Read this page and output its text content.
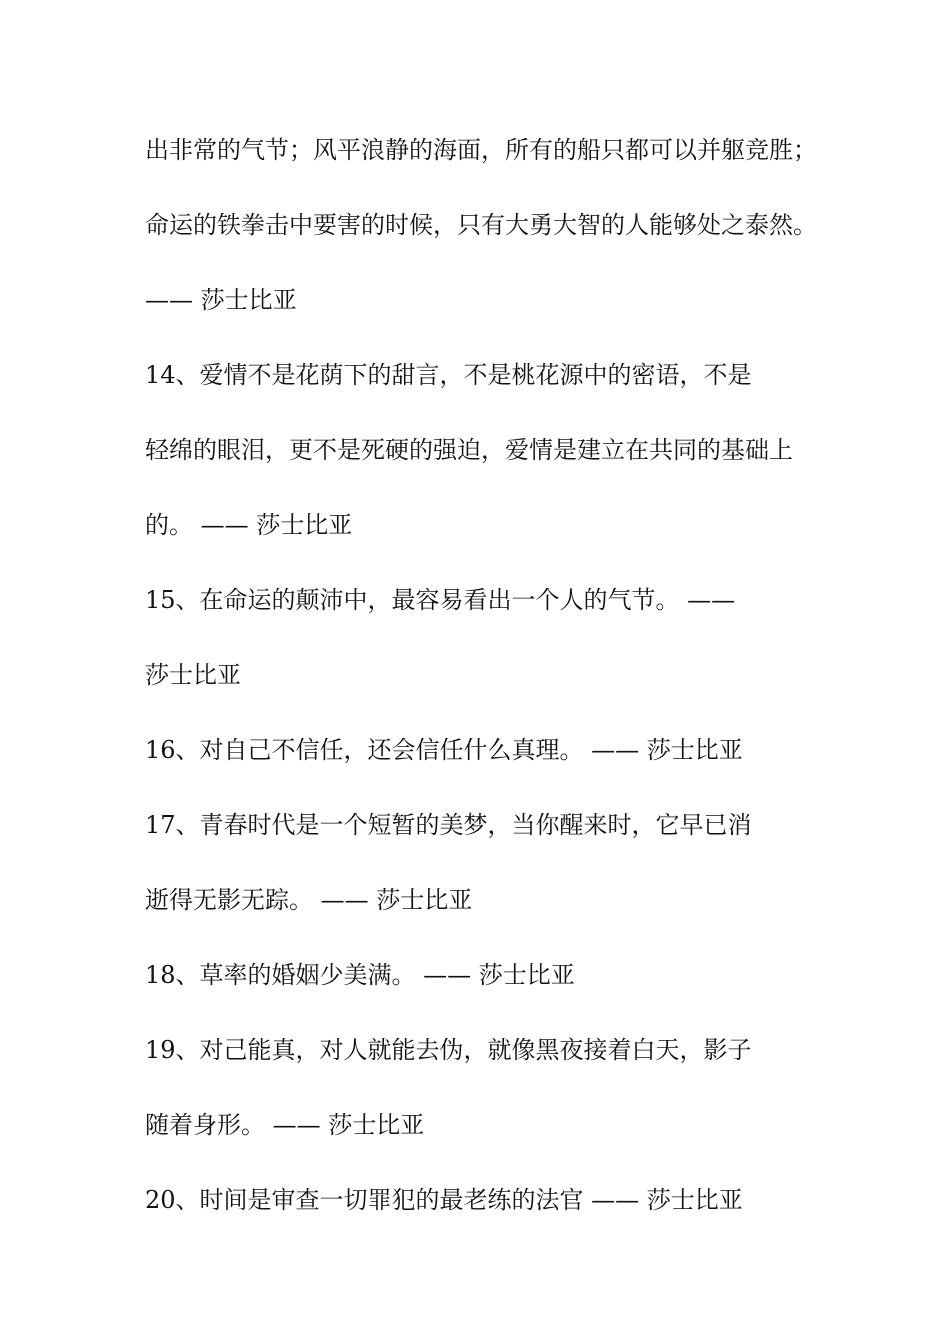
出非常的气节；风平浪静的海面，所有的船只都可以并躯竞胜；
命运的铁拳击中要害的时候，只有大勇大智的人能够处之泰然。
—— 莎士比亚
14、爱情不是花荫下的甜言，不是桃花源中的密语，不是
轻绵的眼泪，更不是死硬的强迫，爱情是建立在共同的基础上
的。 —— 莎士比亚
15、在命运的颠沛中，最容易看出一个人的气节。 ——
莎士比亚
16、对自己不信任，还会信任什么真理。 —— 莎士比亚
17、青春时代是一个短暂的美梦，当你醒来时，它早已消
逝得无影无踪。 —— 莎士比亚
18、草率的婚姻少美满。 —— 莎士比亚
19、对己能真，对人就能去伪，就像黑夜接着白天，影子
随着身形。 —— 莎士比亚
20、时间是审查一切罪犯的最老练的法官 —— 莎士比亚
